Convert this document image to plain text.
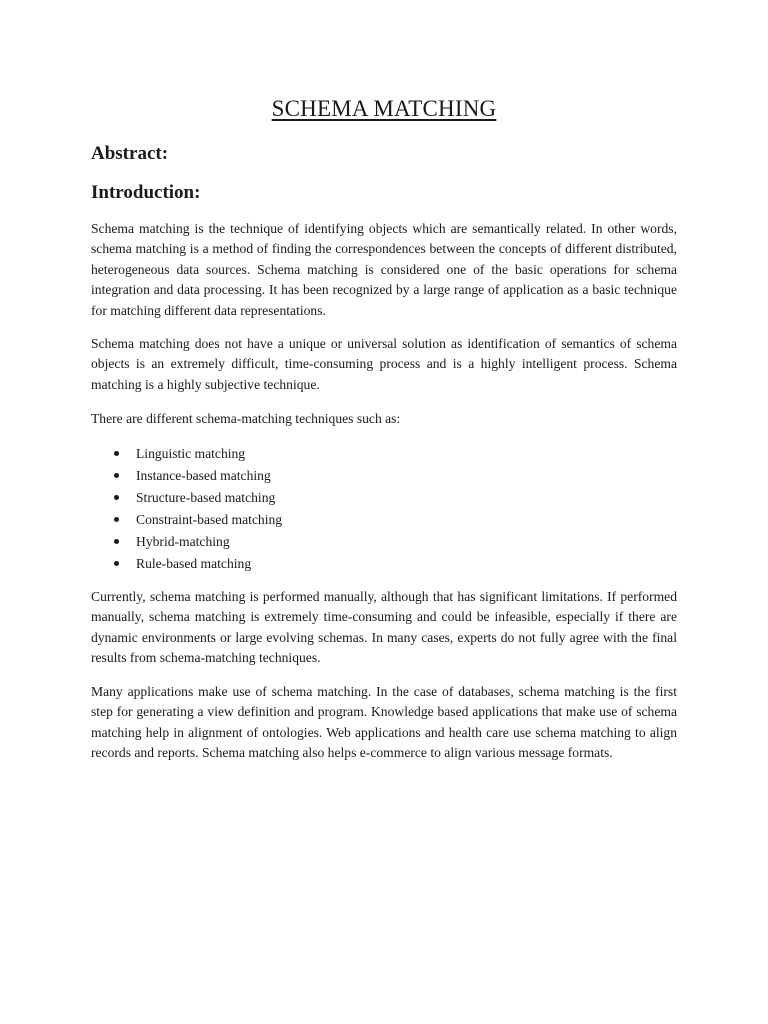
SCHEMA MATCHING
Abstract:
Introduction:

Schema matching is the technique of identifying objects which are semantically related. In other words, schema matching is a method of finding the correspondences between the concepts of different distributed, heterogeneous data sources. Schema matching is considered one of the basic operations for schema integration and data processing. It has been recognized by a large range of application as a basic technique for matching different data representations.

Schema matching does not have a unique or universal solution as identification of semantics of schema objects is an extremely difficult, time-consuming process and is a highly intelligent process. Schema matching is a highly subjective technique.

There are different schema-matching techniques such as:

Linguistic matching
Instance-based matching
Structure-based matching
Constraint-based matching
Hybrid-matching
Rule-based matching

Currently, schema matching is performed manually, although that has significant limitations. If performed manually, schema matching is extremely time-consuming and could be infeasible, especially if there are dynamic environments or large evolving schemas. In many cases, experts do not fully agree with the final results from schema-matching techniques.

Many applications make use of schema matching. In the case of databases, schema matching is the first step for generating a view definition and program. Knowledge based applications that make use of schema matching help in alignment of ontologies. Web applications and health care use schema matching to align records and reports. Schema matching also helps e-commerce to align various message formats.
